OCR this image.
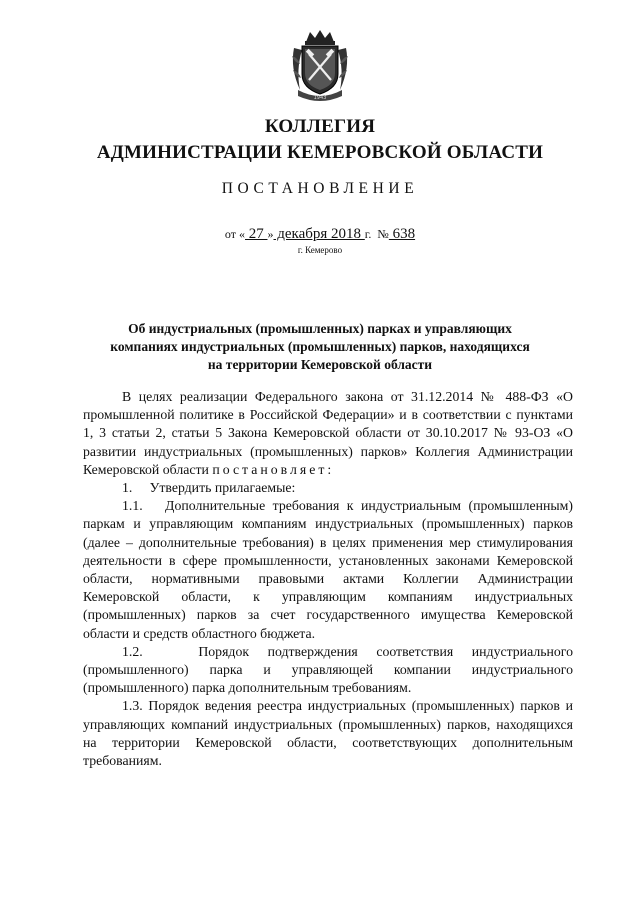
1943
КОЛЛЕГИЯ
АДМИНИСТРАЦИИ КЕМЕРОВСКОЙ ОБЛАСТИ
ПОСТАНОВЛЕНИЕ
от « 27 » декабря 2018 г. № 638
г. Кемерово
Об индустриальных (промышленных) парках и управляющих
компаниях индустриальных (промышленных) парков, находящихся
на территории Кемеровской области

В целях реализации Федерального закона от 31.12.2014 № 488-ФЗ «О промышленной политике в Российской Федерации» и в соответствии с пунктами 1, 3 статьи 2, статьи 5 Закона Кемеровской области от 30.10.2017 № 93-ОЗ «О развитии индустриальных (промышленных) парков» Коллегия Администрации Кемеровской области постановляет:

1.     Утвердить прилагаемые:

1.1.   Дополнительные требования к индустриальным (промышленным) паркам и управляющим компаниям индустриальных (промышленных) парков (далее – дополнительные требования) в целях применения мер стимулирования деятельности в сфере промышленности, установленных законами Кемеровской области, нормативными правовыми актами Коллегии Администрации Кемеровской области, к управляющим компаниям индустриальных (промышленных) парков за счет государственного имущества Кемеровской области и средств областного бюджета.

1.2.   Порядок подтверждения соответствия индустриального (промышленного) парка и управляющей компании индустриального (промышленного) парка дополнительным требованиям.

1.3. Порядок ведения реестра индустриальных (промышленных) парков и управляющих компаний индустриальных (промышленных) парков, находящихся на территории Кемеровской области, соответствующих дополнительным требованиям.
